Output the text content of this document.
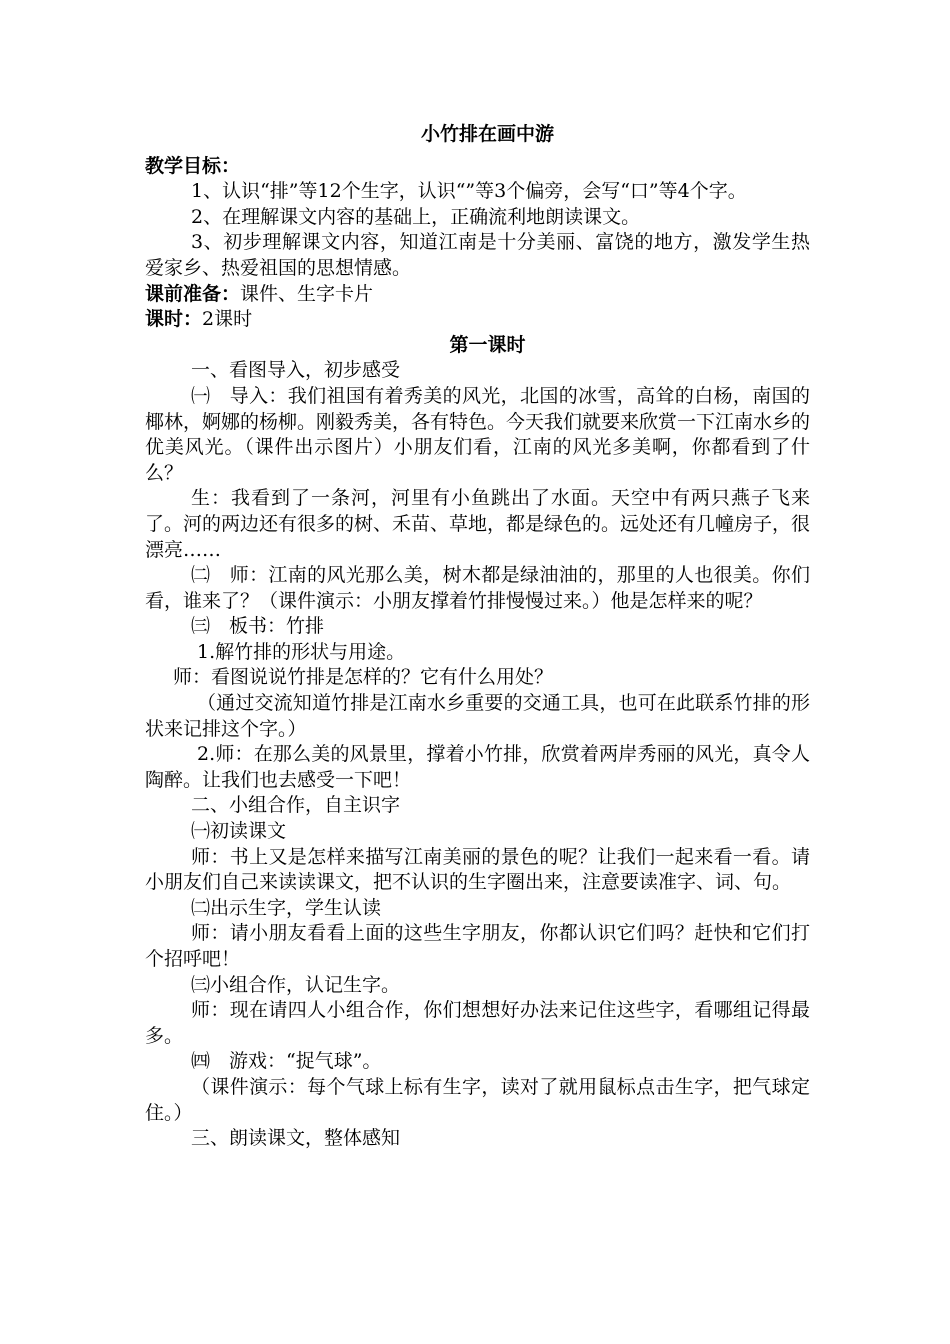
小竹排在画中游

教学目标：

1、认识“排”等12个生字，认识“”等3个偏旁，会写“口”等4个字。

2、在理解课文内容的基础上，正确流利地朗读课文。

3、初步理解课文内容，知道江南是十分美丽、富饶的地方，激发学生热爱家乡、热爱祖国的思想情感。

课前准备：课件、生字卡片

课时：2课时

第一课时

一、看图导入，初步感受

㈠　导入：我们祖国有着秀美的风光，北国的冰雪，高耸的白杨，南国的椰林，婀娜的杨柳。刚毅秀美，各有特色。今天我们就要来欣赏一下江南水乡的优美风光。（课件出示图片）小朋友们看，江南的风光多美啊，你都看到了什么？

生：我看到了一条河，河里有小鱼跳出了水面。天空中有两只燕子飞来了。河的两边还有很多的树、禾苗、草地，都是绿色的。远处还有几幢房子，很漂亮……

㈡　师：江南的风光那么美，树木都是绿油油的，那里的人也很美。你们看，谁来了？（课件演示：小朋友撑着竹排慢慢过来。）他是怎样来的呢？

㈢　板书：竹排

1.解竹排的形状与用途。

师：看图说说竹排是怎样的？它有什么用处？

（通过交流知道竹排是江南水乡重要的交通工具，也可在此联系竹排的形状来记排这个字。）

2.师：在那么美的风景里，撑着小竹排，欣赏着两岸秀丽的风光，真令人陶醉。让我们也去感受一下吧！

二、小组合作，自主识字

㈠初读课文

师：书上又是怎样来描写江南美丽的景色的呢？让我们一起来看一看。请小朋友们自己来读读课文，把不认识的生字圈出来，注意要读准字、词、句。

㈡出示生字，学生认读

师：请小朋友看看上面的这些生字朋友，你都认识它们吗？赶快和它们打个招呼吧！

㈢小组合作，认记生字。

师：现在请四人小组合作，你们想想好办法来记住这些字，看哪组记得最多。

㈣　游戏：“捉气球”。

（课件演示：每个气球上标有生字，读对了就用鼠标点击生字，把气球定住。）

三、朗读课文，整体感知
